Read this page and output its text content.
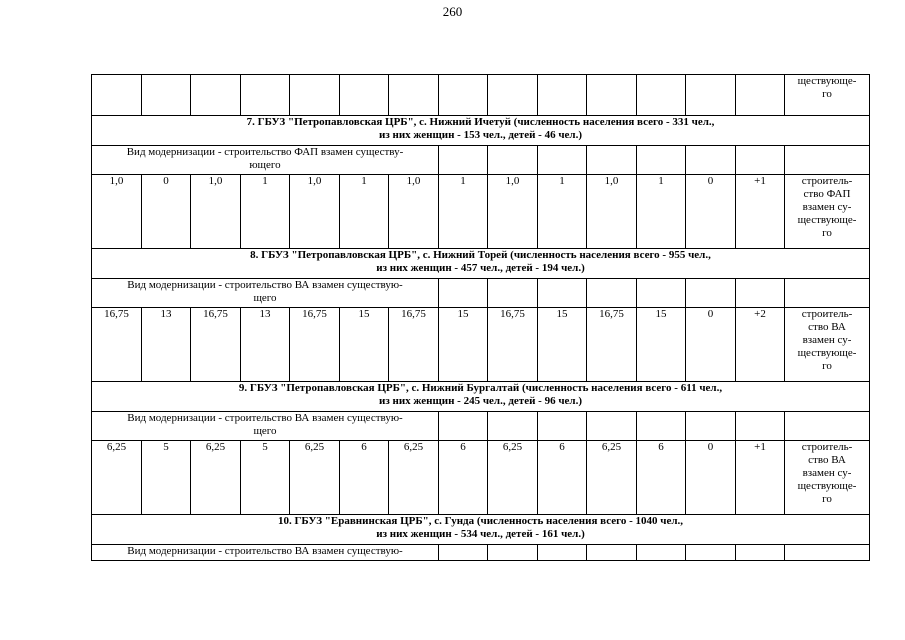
260

														ществующе-
го

7. ГБУЗ "Петропавловская ЦРБ", с. Нижний Ичетуй (численность населения всего - 331 чел.,
из них женщин - 153 чел., детей - 46 чел.)														

Вид модернизации - строительство ФАП взамен существу-
ющего														

1,0	0	1,0	1	1,0	1	1,0	1	1,0	1	1,0	1	0	+1	строитель-
ство ФАП
взамен су-
ществующе-
го

8. ГБУЗ "Петропавловская ЦРБ", с. Нижний Торей (численность населения всего - 955 чел.,
из них женщин - 457 чел., детей - 194 чел.)														

Вид модернизации - строительство ВА взамен существую-
щего														

16,75	13	16,75	13	16,75	15	16,75	15	16,75	15	16,75	15	0	+2	строитель-
ство ВА
взамен су-
ществующе-
го

9. ГБУЗ "Петропавловская ЦРБ", с. Нижний Бургалтай (численность населения всего - 611 чел.,
из них женщин - 245 чел., детей - 96 чел.)														

Вид модернизации - строительство ВА взамен существую-
щего														

6,25	5	6,25	5	6,25	6	6,25	6	6,25	6	6,25	6	0	+1	строитель-
ство ВА
взамен су-
ществующе-
го

10. ГБУЗ "Еравнинская ЦРБ", с. Гунда (численность населения всего - 1040 чел.,
из них женщин - 534 чел., детей - 161 чел.)														

Вид модернизации - строительство ВА взамен существую-														
